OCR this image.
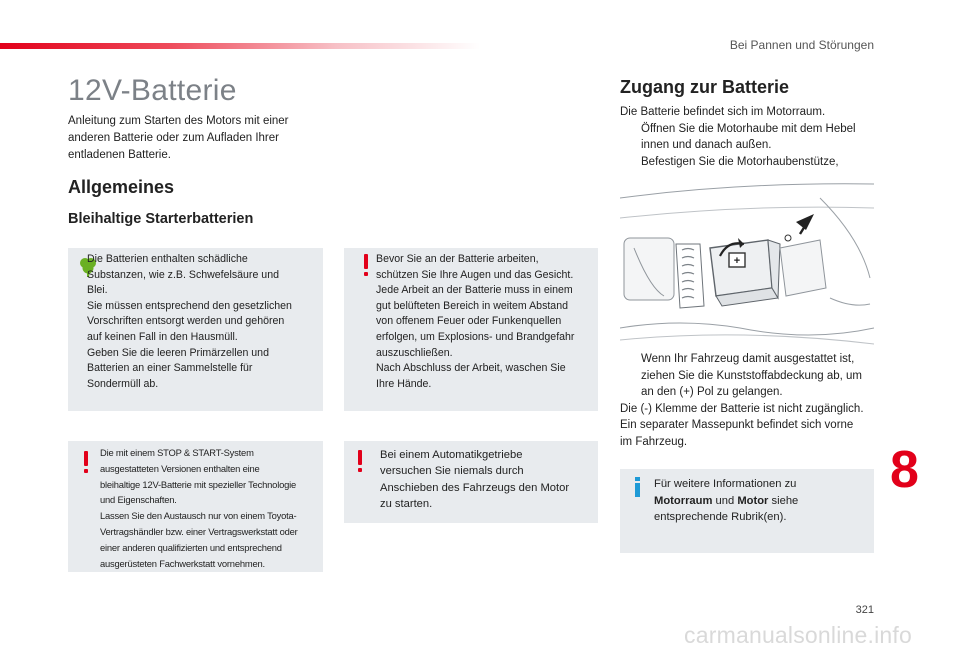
Bei Pannen und Störungen
12V-Batterie

Anleitung zum Starten des Motors mit einer anderen Batterie oder zum Aufladen Ihrer entladenen Batterie.

Allgemeines
Bleihaltige Starterbatterien
Die Batterien enthalten schädliche
Substanzen, wie z.B. Schwefelsäure und
Blei.
Sie müssen entsprechend den gesetzlichen
Vorschriften entsorgt werden und gehören
auf keinen Fall in den Hausmüll.
Geben Sie die leeren Primärzellen und
Batterien an einer Sammelstelle für
Sondermüll ab.
Bevor Sie an der Batterie arbeiten,
schützen Sie Ihre Augen und das Gesicht.
Jede Arbeit an der Batterie muss in einem
gut belüfteten Bereich in weitem Abstand
von offenem Feuer oder Funkenquellen
erfolgen, um Explosions- und Brandgefahr
auszuschließen.
Nach Abschluss der Arbeit, waschen Sie
Ihre Hände.
Die mit einem STOP & START-System
ausgestatteten Versionen enthalten eine
bleihaltige 12V-Batterie mit spezieller Technologie
und Eigenschaften.
Lassen Sie den Austausch nur von einem Toyota-
Vertragshändler bzw. einer Vertragswerkstatt oder
einer anderen qualifizierten und entsprechend
ausgerüsteten Fachwerkstatt vornehmen.
Bei einem Automatikgetriebe
versuchen Sie niemals durch
Anschieben des Fahrzeugs den Motor
zu starten.
Zugang zur Batterie
Die Batterie befindet sich im Motorraum.
Öffnen Sie die Motorhaube mit dem Hebel
innen und danach außen.
Befestigen Sie die Motorhaubenstütze,
+
Wenn Ihr Fahrzeug damit ausgestattet ist,
ziehen Sie die Kunststoffabdeckung ab, um
an den (+) Pol zu gelangen.
Die (-) Klemme der Batterie ist nicht zugänglich.
Ein separater Massepunkt befindet sich vorne
im Fahrzeug.
Für weitere Informationen zu
Motorraum und Motor siehe
entsprechende Rubrik(en).
8
321
carmanualsonline.info
